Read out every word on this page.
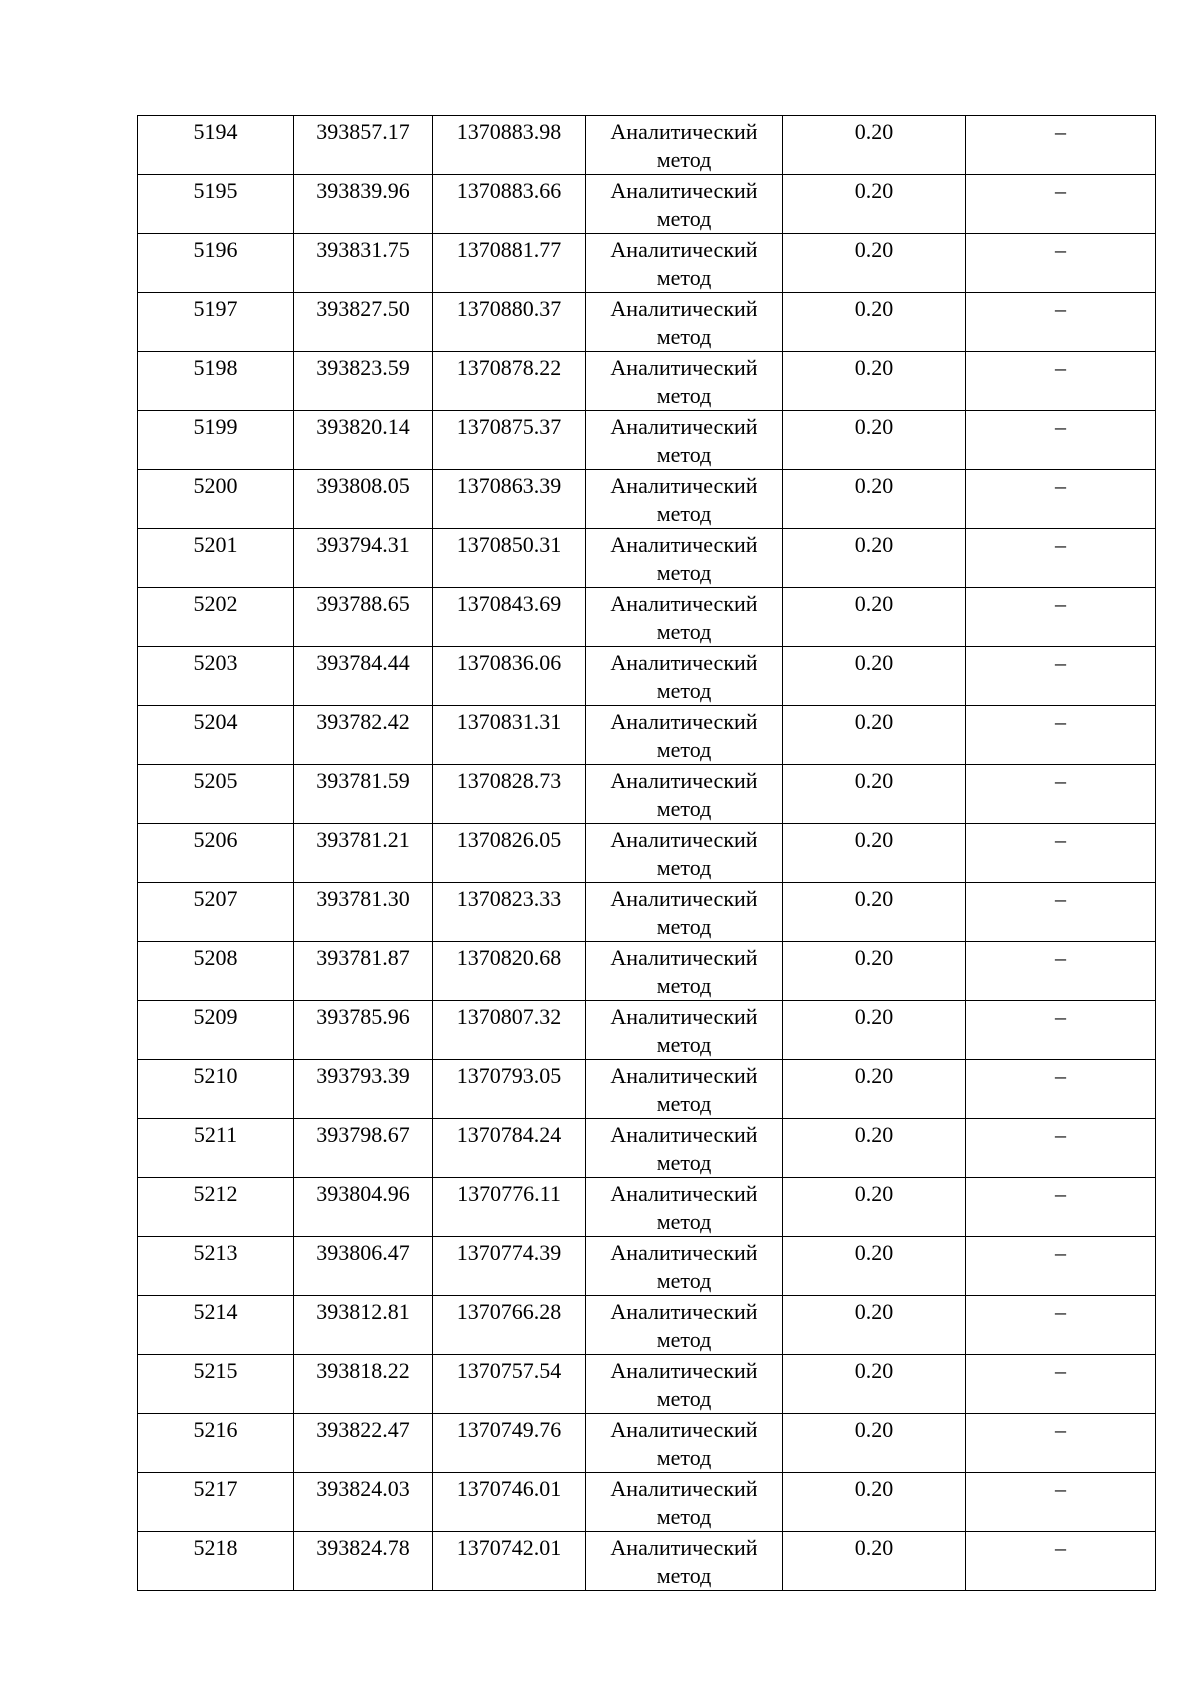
5194	393857.17	1370883.98	Аналитический метод	0.20	–

5195	393839.96	1370883.66	Аналитический метод	0.20	–

5196	393831.75	1370881.77	Аналитический метод	0.20	–

5197	393827.50	1370880.37	Аналитический метод	0.20	–

5198	393823.59	1370878.22	Аналитический метод	0.20	–

5199	393820.14	1370875.37	Аналитический метод	0.20	–

5200	393808.05	1370863.39	Аналитический метод	0.20	–

5201	393794.31	1370850.31	Аналитический метод	0.20	–

5202	393788.65	1370843.69	Аналитический метод	0.20	–

5203	393784.44	1370836.06	Аналитический метод	0.20	–

5204	393782.42	1370831.31	Аналитический метод	0.20	–

5205	393781.59	1370828.73	Аналитический метод	0.20	–

5206	393781.21	1370826.05	Аналитический метод	0.20	–

5207	393781.30	1370823.33	Аналитический метод	0.20	–

5208	393781.87	1370820.68	Аналитический метод	0.20	–

5209	393785.96	1370807.32	Аналитический метод	0.20	–

5210	393793.39	1370793.05	Аналитический метод	0.20	–

5211	393798.67	1370784.24	Аналитический метод	0.20	–

5212	393804.96	1370776.11	Аналитический метод	0.20	–

5213	393806.47	1370774.39	Аналитический метод	0.20	–

5214	393812.81	1370766.28	Аналитический метод	0.20	–

5215	393818.22	1370757.54	Аналитический метод	0.20	–

5216	393822.47	1370749.76	Аналитический метод	0.20	–

5217	393824.03	1370746.01	Аналитический метод	0.20	–

5218	393824.78	1370742.01	Аналитический метод	0.20	–
